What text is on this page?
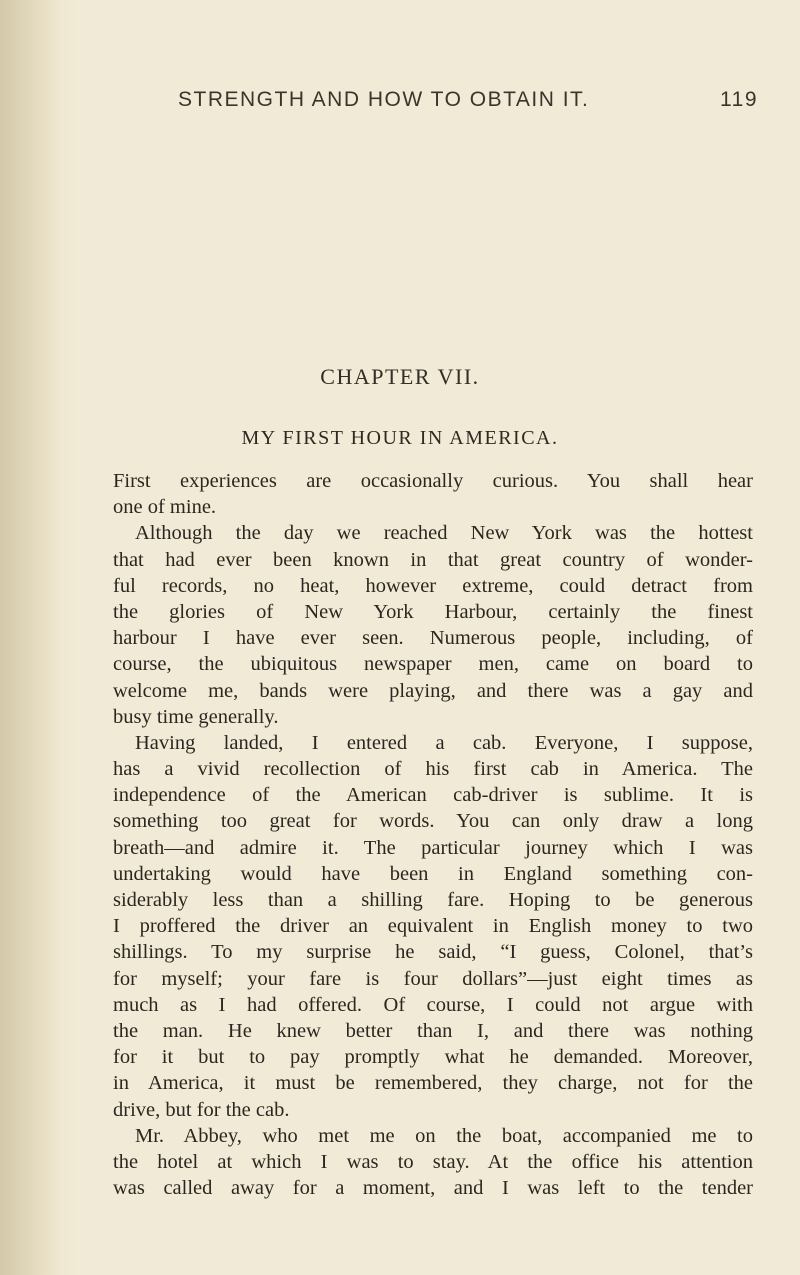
STRENGTH AND HOW TO OBTAIN IT.	119
CHAPTER VII.
MY FIRST HOUR IN AMERICA.
First experiences are occasionally curious. You shall hear
one of mine.
Although the day we reached New York was the hottest
that had ever been known in that great country of wonder-
ful records, no heat, however extreme, could detract from
the glories of New York Harbour, certainly the finest
harbour I have ever seen. Numerous people, including, of
course, the ubiquitous newspaper men, came on board to
welcome me, bands were playing, and there was a gay and
busy time generally.
Having landed, I entered a cab. Everyone, I suppose,
has a vivid recollection of his first cab in America. The
independence of the American cab-driver is sublime. It is
something too great for words. You can only draw a long
breath—and admire it. The particular journey which I was
undertaking would have been in England something con-
siderably less than a shilling fare. Hoping to be generous
I proffered the driver an equivalent in English money to two
shillings. To my surprise he said, “I guess, Colonel, that’s
for myself; your fare is four dollars”—just eight times as
much as I had offered. Of course, I could not argue with
the man. He knew better than I, and there was nothing
for it but to pay promptly what he demanded. Moreover,
in America, it must be remembered, they charge, not for the
drive, but for the cab.
Mr. Abbey, who met me on the boat, accompanied me to
the hotel at which I was to stay. At the office his attention
was called away for a moment, and I was left to the tender
